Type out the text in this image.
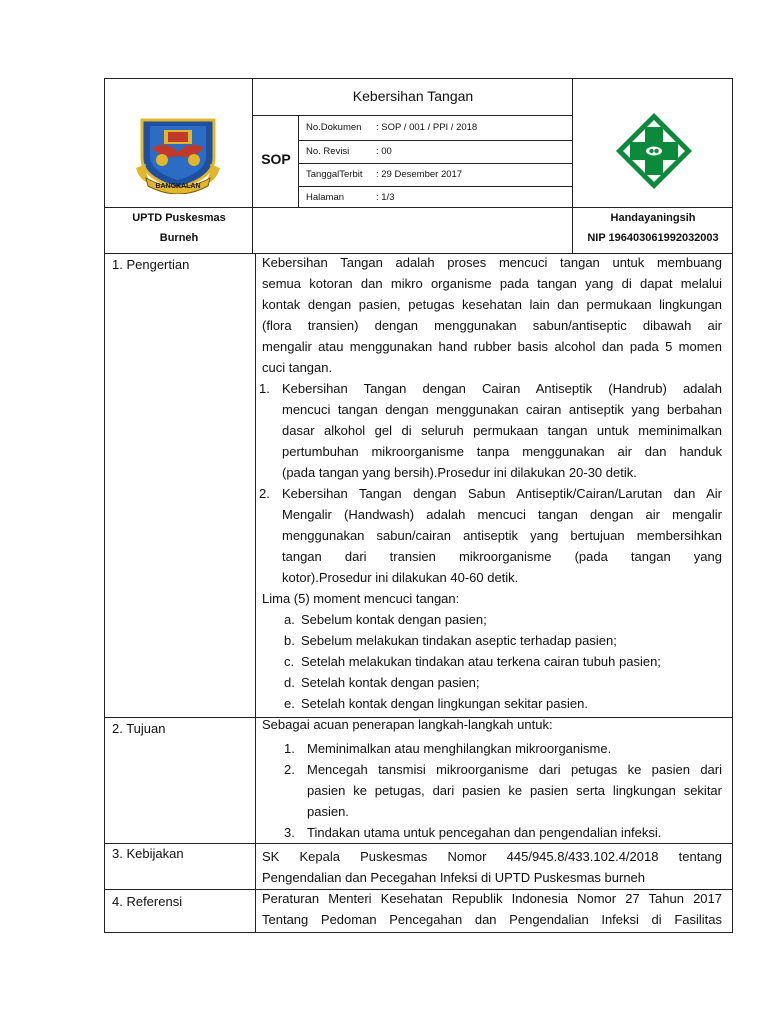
BANGKALAN
Kebersihan Tangan
SOP
No.Dokumen : SOP / 001 / PPI / 2018
No. Revisi	: 00
TanggalTerbit : 29 Desember 2017
Halaman	: 1/3
UPTD Puskesmas
Burneh
Handayaningsih
NIP 196403061992032003
1. Pengertian	Kebersihan Tangan adalah proses mencuci tangan untuk membuang
semua kotoran dan mikro organisme pada tangan yang di dapat melalui
kontak dengan pasien, petugas kesehatan lain dan permukaan lingkungan
(flora transien) dengan menggunakan sabun/antiseptic dibawah air
mengalir atau menggunakan hand rubber basis alcohol dan pada 5 momen
cuci tangan.
1. Kebersihan Tangan dengan Cairan Antiseptik (Handrub) adalah
mencuci tangan dengan menggunakan cairan antiseptik yang berbahan
dasar alkohol gel di seluruh permukaan tangan untuk meminimalkan
pertumbuhan mikroorganisme tanpa menggunakan air dan handuk
(pada tangan yang bersih).Prosedur ini dilakukan 20-30 detik.
2. Kebersihan Tangan dengan Sabun Antiseptik/Cairan/Larutan dan Air
Mengalir (Handwash) adalah mencuci tangan dengan air mengalir
menggunakan sabun/cairan antiseptik yang bertujuan membersihkan
tangan dari transien mikroorganisme (pada tangan yang
kotor).Prosedur ini dilakukan 40-60 detik.
Lima (5) moment mencuci tangan:
a. Sebelum kontak dengan pasien;
b. Sebelum melakukan tindakan aseptic terhadap pasien;
c. Setelah melakukan tindakan atau terkena cairan tubuh pasien;
d. Setelah kontak dengan pasien;
e. Setelah kontak dengan lingkungan sekitar pasien.
2. Tujuan	Sebagai acuan penerapan langkah-langkah untuk:
1. Meminimalkan atau menghilangkan mikroorganisme.
2. Mencegah tansmisi mikroorganisme dari petugas ke pasien dari
pasien ke petugas, dari pasien ke pasien serta lingkungan sekitar
pasien.
3. Tindakan utama untuk pencegahan dan pengendalian infeksi.
3. Kebijakan	SK Kepala Puskesmas Nomor 445/945.8/433.102.4/2018 tentang
Pengendalian dan Pecegahan Infeksi di UPTD Puskesmas burneh
4. Referensi	Peraturan Menteri Kesehatan Republik Indonesia Nomor 27 Tahun 2017
Tentang Pedoman Pencegahan dan Pengendalian Infeksi di Fasilitas
